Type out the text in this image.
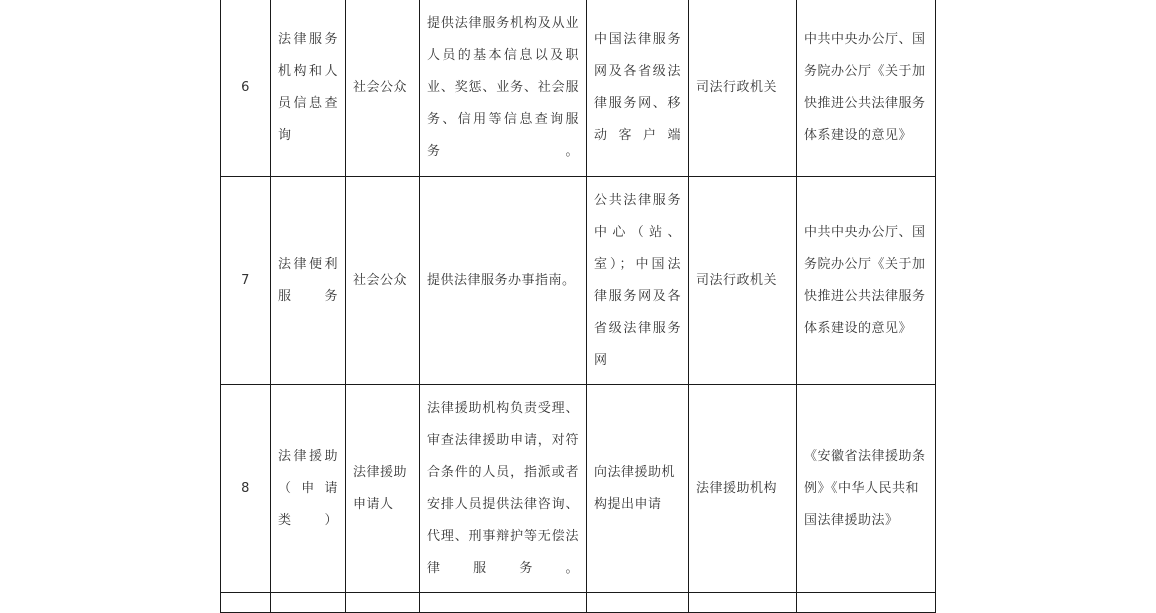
6	法律服务机构和人员信息查询	社会公众	提供法律服务机构及从业人员的基本信息以及职业、奖惩、业务、社会服务、信用等信息查询服务。	中国法律服务网及各省级法律服务网、移动客户端	司法行政机关	中共中央办公厅、国务院办公厅《关于加快推进公共法律服务体系建设的意见》
7	法律便利服务	社会公众	提供法律服务办事指南。	公共法律服务中心（站、室）；中国法律服务网及各省级法律服务网	司法行政机关	中共中央办公厅、国务院办公厅《关于加快推进公共法律服务体系建设的意见》
8	法律援助（申请类）	法律援助申请人	法律援助机构负责受理、审查法律援助申请，对符合条件的人员，指派或者安排人员提供法律咨询、代理、刑事辩护等无偿法律服务。	向法律援助机构提出申请	法律援助机构	《安徽省法律援助条例》《中华人民共和国法律援助法》
